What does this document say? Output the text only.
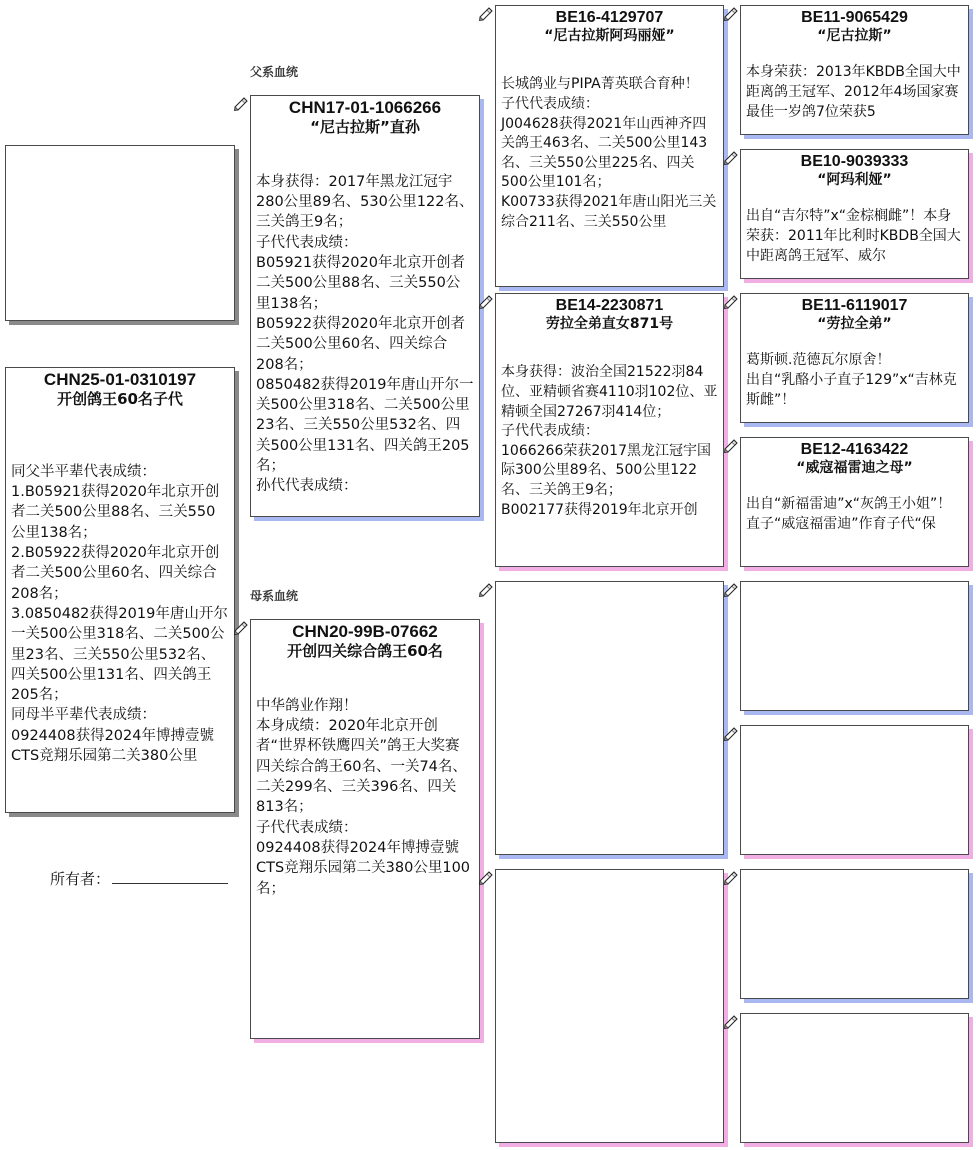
CHN25-01-0310197
开创鸽王60名子代
同父半平辈代表成绩：
1.B05921获得2020年北京开创者二关500公里88名、三关550公里138名；
2.B05922获得2020年北京开创者二关500公里60名、四关综合208名；
3.0850482获得2019年唐山开尔一关500公里318名、二关500公里23名、三关550公里532名、四关500公里131名、四关鸽王205名；
同母半平辈代表成绩：
0924408获得2024年博搏壹號CTS竞翔乐园第二关380公里
所有者：
父系血统
母系血统
CHN17-01-1066266
“尼古拉斯”直孙
本身获得：2017年黑龙江冠宇280公里89名、530公里122名、三关鸽王9名；
子代代表成绩：
B05921获得2020年北京开创者二关500公里88名、三关550公里138名；
B05922获得2020年北京开创者二关500公里60名、四关综合208名；
0850482获得2019年唐山开尔一关500公里318名、二关500公里23名、三关550公里532名、四关500公里131名、四关鸽王205名；
孙代代表成绩：
CHN20-99B-07662
开创四关综合鸽王60名
中华鸽业作翔！
本身成绩：2020年北京开创者“世界杯铁鹰四关”鸽王大奖赛四关综合鸽王60名、一关74名、二关299名、三关396名、四关813名；
子代代表成绩：
0924408获得2024年博搏壹號CTS竞翔乐园第二关380公里100名；
BE16-4129707
“尼古拉斯阿玛丽娅”
长城鸽业与PIPA菁英联合育种！
子代代表成绩：
J004628获得2021年山西神齐四关鸽王463名、二关500公里143名、三关550公里225名、四关500公里101名；
K00733获得2021年唐山阳光三关综合211名、三关550公里
BE14-2230871
劳拉全弟直女871号
本身获得：波治全国21522羽84位、亚精顿省赛4110羽102位、亚精顿全国27267羽414位；
子代代表成绩：
1066266荣获2017黑龙江冠宇国际300公里89名、500公里122名、三关鸽王9名；
B002177获得2019年北京开创
BE11-9065429
“尼古拉斯”
本身荣获：2013年KBDB全国大中距离鸽王冠军、2012年4场国家赛最佳一岁鸽7位荣获5
BE10-9039333
“阿玛利娅”
出自“吉尔特”x“金棕榈雌”！本身荣获：2011年比利时KBDB全国大中距离鸽王冠军、威尔
BE11-6119017
“劳拉全弟”
葛斯顿.范德瓦尔原舍！
出自“乳酪小子直子129”x“吉林克斯雌”！
BE12-4163422
“威寇福雷迪之母”
出自“新福雷迪”x“灰鸽王小姐”！
直子“威寇福雷迪”作育子代“保
